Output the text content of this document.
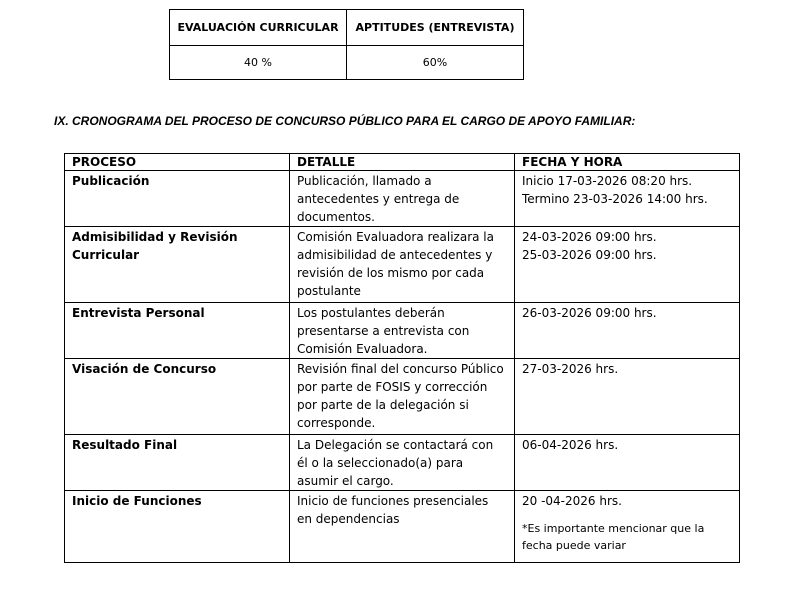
EVALUACIÓN CURRICULAR	APTITUDES (ENTREVISTA)
40 %	60%

IX. CRONOGRAMA DEL PROCESO DE CONCURSO PÚBLICO PARA EL CARGO DE APOYO FAMILIAR:

PROCESO	DETALLE	FECHA Y HORA

Publicación	Publicación, llamado a antecedentes y entrega de documentos.	Inicio 17-03-2026 08:20 hrs.
Termino 23-03-2026 14:00 hrs.

Admisibilidad y Revisión
Curricular	Comisión Evaluadora realizara la admisibilidad de antecedentes y revisión de los mismo por cada postulante	24-03-2026 09:00 hrs.
25-03-2026 09:00 hrs.

Entrevista Personal	Los postulantes deberán presentarse a entrevista con Comisión Evaluadora.	26-03-2026 09:00 hrs.

Visación de Concurso	Revisión final del concurso Público por parte de FOSIS y corrección por parte de la delegación si corresponde.	27-03-2026 hrs.

Resultado Final	La Delegación se contactará con él o la seleccionado(a) para asumir el cargo.	06-04-2026 hrs.

Inicio de Funciones	Inicio de funciones presenciales en dependencias	20 -04-2026 hrs.
*Es importante mencionar que la fecha puede variar
